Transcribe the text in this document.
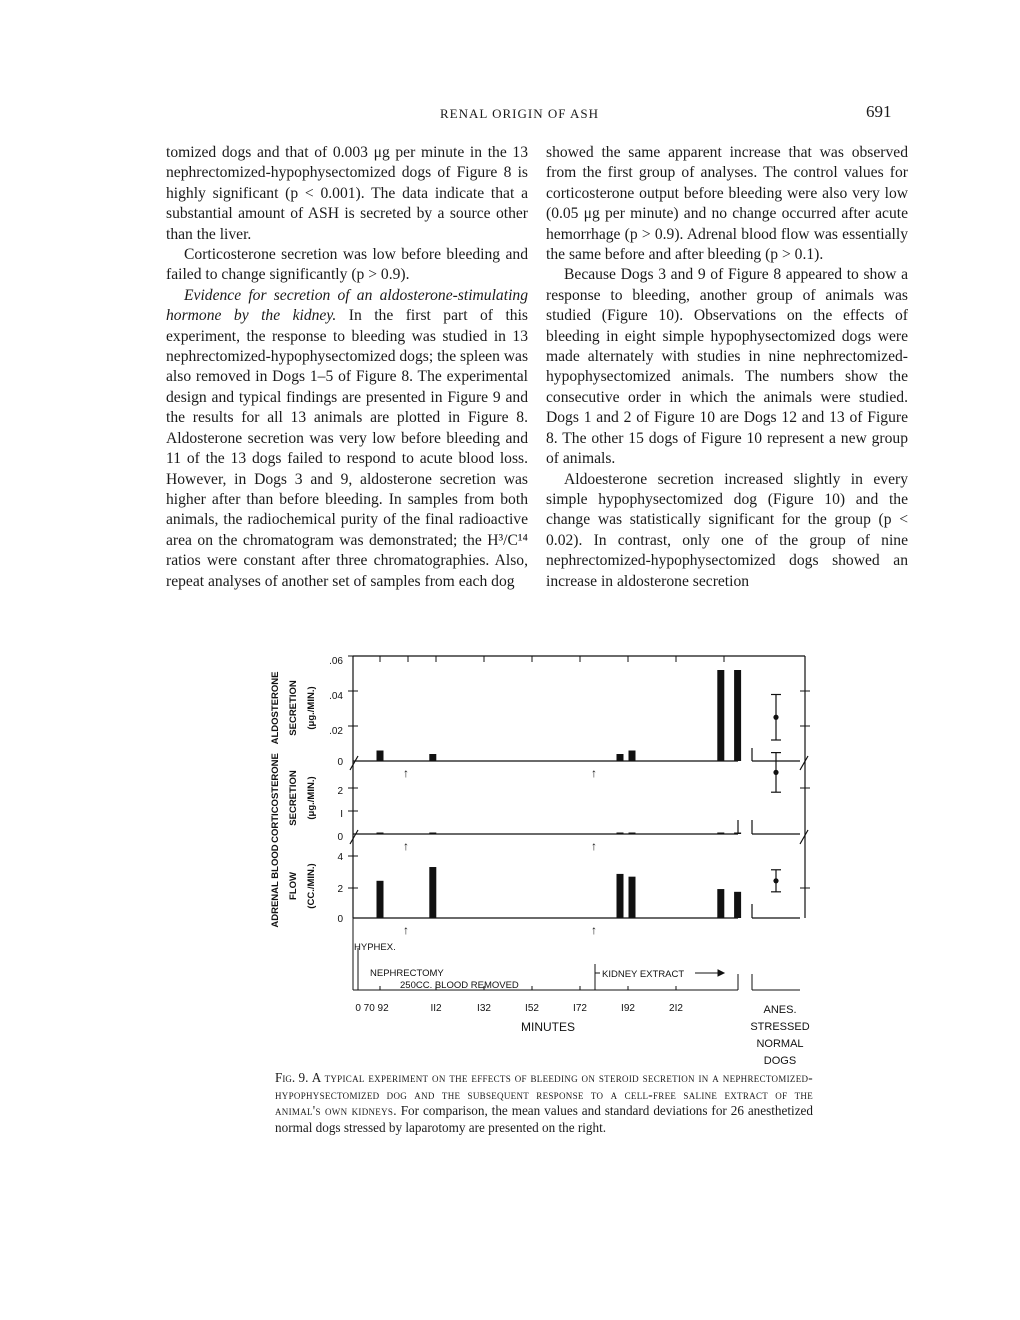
RENAL ORIGIN OF ASH	691

tomized dogs and that of 0.003 μg per minute in the 13 nephrectomized-hypophysectomized dogs of Figure 8 is highly significant (p < 0.001). The data indicate that a substantial amount of ASH is secreted by a source other than the liver.

Corticosterone secretion was low before bleeding and failed to change significantly (p > 0.9).

Evidence for secretion of an aldosterone-stimulating hormone by the kidney. In the first part of this experiment, the response to bleeding was studied in 13 nephrectomized-hypophysectomized dogs; the spleen was also removed in Dogs 1–5 of Figure 8. The experimental design and typical findings are presented in Figure 9 and the results for all 13 animals are plotted in Figure 8. Aldosterone secretion was very low before bleeding and 11 of the 13 dogs failed to respond to acute blood loss. However, in Dogs 3 and 9, aldosterone secretion was higher after than before bleeding. In samples from both animals, the radiochemical purity of the final radioactive area on the chromatogram was demonstrated; the H³/C¹⁴ ratios were constant after three chromatographies. Also, repeat analyses of another set of samples from each dog

showed the same apparent increase that was observed from the first group of analyses. The control values for corticosterone output before bleeding were also very low (0.05 μg per minute) and no change occurred after acute hemorrhage (p > 0.9). Adrenal blood flow was essentially the same before and after bleeding (p > 0.1).

Because Dogs 3 and 9 of Figure 8 appeared to show a response to bleeding, another group of animals was studied (Figure 10). Observations on the effects of bleeding in eight simple hypophysectomized dogs were made alternately with studies in nine nephrectomized-hypophysectomized animals. The numbers show the consecutive order in which the animals were studied. Dogs 1 and 2 of Figure 10 are Dogs 12 and 13 of Figure 8. The other 15 dogs of Figure 10 represent a new group of animals.

Aldoesterone secretion increased slightly in every simple hypophysectomized dog (Figure 10) and the change was statistically significant for the group (p < 0.02). In contrast, only one of the group of nine nephrectomized-hypophysectomized dogs showed an increase in aldosterone secretion

ALDOSTERONE SECRETION (μg./MIN.)
CORTICOSTERONE SECRETION (μg./MIN.)
ADRENAL BLOOD FLOW (CC./MIN.)
.06
.04
.02
0
2
I
0
4
2
0
↑	↑
↑	↑
↑	↑
HYPHEX.
NEPHRECTOMY
250CC. BLOOD REMOVED
KIDNEY EXTRACT
0 70 92	II2	I32	I52	I72	I92	2I2
MINUTES
ANES.
STRESSED
NORMAL
DOGS
Fig. 9. A typical experiment on the effects of bleeding on steroid secretion in a nephrectomized-hypophysectomized dog and the subsequent response to a cell-free saline extract of the animal's own kidneys. For comparison, the mean values and standard deviations for 26 anesthetized normal dogs stressed by laparotomy are presented on the right.
